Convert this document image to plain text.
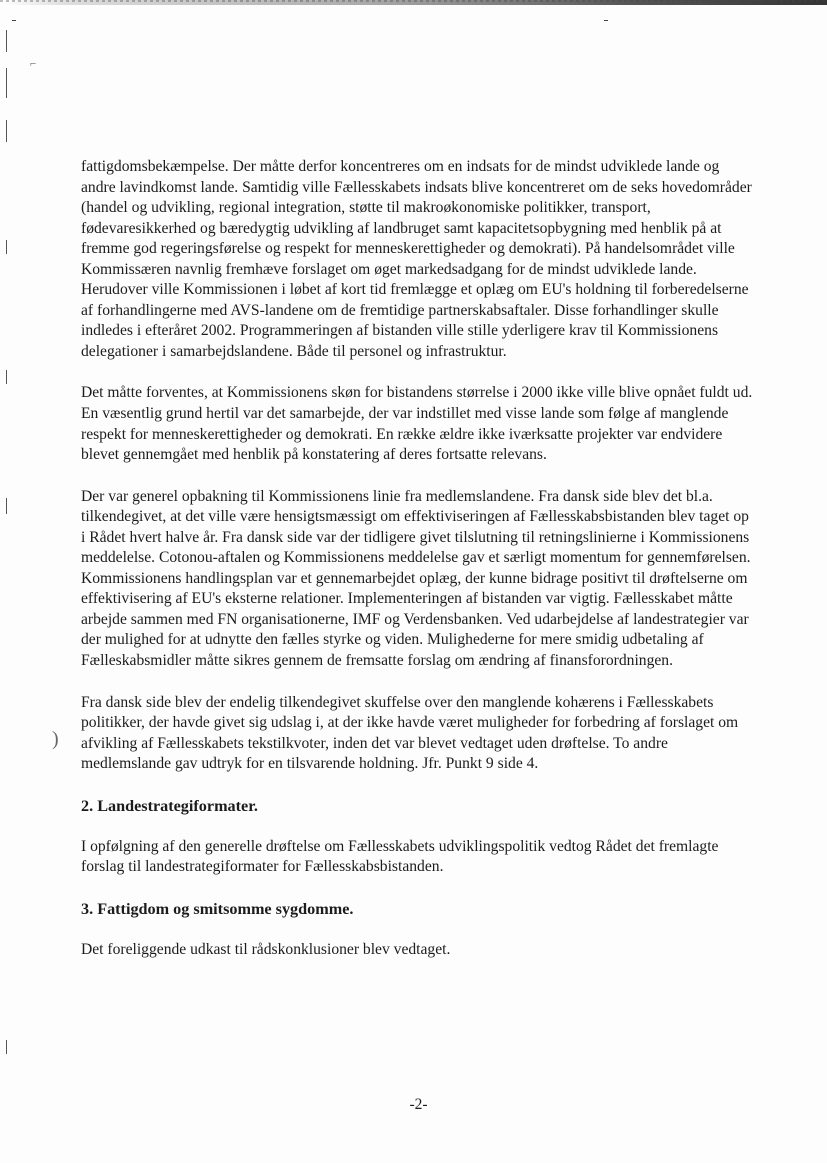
⌐
)

fattigdomsbekæmpelse. Der måtte derfor koncentreres om en indsats for de mindst udviklede lande og andre lavindkomst lande. Samtidig ville Fællesskabets indsats blive koncentreret om de seks hovedområder (handel og udvikling, regional integration, støtte til makroøkonomiske politikker, transport, fødevaresikkerhed og bæredygtig udvikling af landbruget samt kapacitetsopbygning med henblik på at fremme god regeringsførelse og respekt for menneskerettigheder og demokrati). På handelsområdet ville Kommissæren navnlig fremhæve forslaget om øget markedsadgang for de mindst udviklede lande. Herudover ville Kommissionen i løbet af kort tid fremlægge et oplæg om EU's holdning til forberedelserne af forhandlingerne med AVS-landene om de fremtidige partnerskabsaftaler. Disse forhandlinger skulle indledes i efteråret 2002. Programmeringen af bistanden ville stille yderligere krav til Kommissionens delegationer i samarbejdslandene. Både til personel og infrastruktur.

Det måtte forventes, at Kommissionens skøn for bistandens størrelse i 2000 ikke ville blive opnået fuldt ud. En væsentlig grund hertil var det samarbejde, der var indstillet med visse lande som følge af manglende respekt for menneskerettigheder og demokrati. En række ældre ikke iværksatte projekter var endvidere blevet gennemgået med henblik på konstatering af deres fortsatte relevans.

Der var generel opbakning til Kommissionens linie fra medlemslandene. Fra dansk side blev det bl.a. tilkendegivet, at det ville være hensigtsmæssigt om effektiviseringen af Fællesskabsbistanden blev taget op i Rådet hvert halve år. Fra dansk side var der tidligere givet tilslutning til retningslinierne i Kommissionens meddelelse. Cotonou-aftalen og Kommissionens meddelelse gav et særligt momentum for gennemførelsen. Kommissionens handlingsplan var et gennemarbejdet oplæg, der kunne bidrage positivt til drøftelserne om effektivisering af EU's eksterne relationer. Implementeringen af bistanden var vigtig. Fællesskabet måtte arbejde sammen med FN organisationerne, IMF og Verdensbanken. Ved udarbejdelse af landestrategier var der mulighed for at udnytte den fælles styrke og viden. Mulighederne for mere smidig udbetaling af Fælleskabsmidler måtte sikres gennem de fremsatte forslag om ændring af finansforordningen.

Fra dansk side blev der endelig tilkendegivet skuffelse over den manglende kohærens i Fællesskabets politikker, der havde givet sig udslag i, at der ikke havde været muligheder for forbedring af forslaget om afvikling af Fællesskabets tekstilkvoter, inden det var blevet vedtaget uden drøftelse. To andre medlemslande gav udtryk for en tilsvarende holdning. Jfr. Punkt 9 side 4.

2. Landestrategiformater.

I opfølgning af den generelle drøftelse om Fællesskabets udviklingspolitik vedtog Rådet det fremlagte forslag til landestrategiformater for Fællesskabsbistanden.

3. Fattigdom og smitsomme sygdomme.

Det foreliggende udkast til rådskonklusioner blev vedtaget.

-2-
